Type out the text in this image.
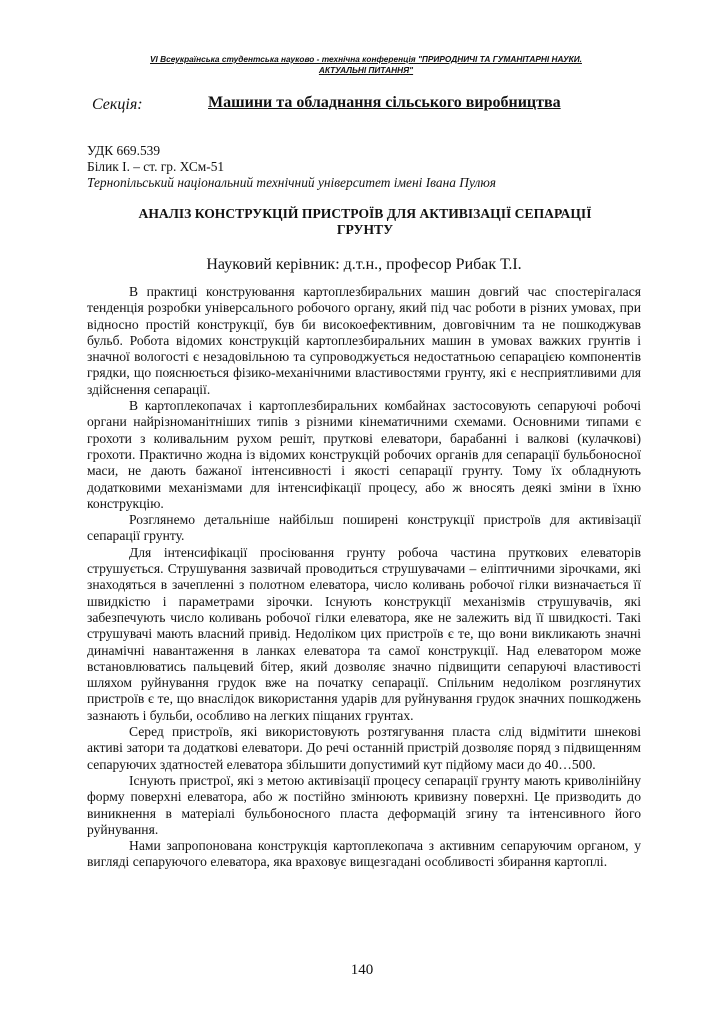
VI Всеукраїнська студентська науково - технічна конференція "ПРИРОДНИЧІ ТА ГУМАНІТАРНІ НАУКИ.
АКТУАЛЬНІ ПИТАННЯ"
Секція:	Машини та обладнання сільського виробництва
УДК 669.539
Білик І. – ст. гр. ХСм-51
Тернопільський національний технічний університет імені Івана Пулюя
АНАЛІЗ КОНСТРУКЦІЙ ПРИСТРОЇВ ДЛЯ АКТИВІЗАЦІЇ СЕПАРАЦІЇ
ГРУНТУ
Науковий керівник: д.т.н., професор Рибак Т.І.

В практиці конструювання картоплезбиральних машин довгий час спостерігалася тенденція розробки універсального робочого органу, який під час роботи в різних умовах, при відносно простій конструкції, був би високоефективним, довговічним та не пошкоджував бульб. Робота відомих конструкцій картоплезбиральних машин в умовах важких грунтів і значної вологості є незадовільною та супроводжується недостатньою сепарацією компонентів грядки, що пояснюється фізико-механічними властивостями грунту, які є несприятливими для здійснення сепарації.

В картоплекопачах і картоплезбиральних комбайнах застосовують сепаруючі робочі органи найрізноманітніших типів з різними кінематичними схемами. Основними типами є грохоти з коливальним рухом решіт, пруткові елеватори, барабанні і валкові (кулачкові) грохоти. Практично жодна із відомих конструкцій робочих органів для сепарації бульбоносної маси, не дають бажаної інтенсивності і якості сепарації грунту. Тому їх обладнують додатковими механізмами для інтенсифікації процесу, або ж вносять деякі зміни в їхню конструкцію.

Розглянемо детальніше найбільш поширені конструкції пристроїв для активізації сепарації грунту.

Для інтенсифікації просіювання грунту робоча частина пруткових елеваторів струшується. Струшування зазвичай проводиться струшувачами – еліптичними зірочками, які знаходяться в зачепленні з полотном елеватора, число коливань робочої гілки визначається її швидкістю і параметрами зірочки. Існують конструкції механізмів струшувачів, які забезпечують число коливань робочої гілки елеватора, яке не залежить від її швидкості. Такі струшувачі мають власний привід. Недоліком цих пристроїв є те, що вони викликають значні динамічні навантаження в ланках елеватора та самої конструкції. Над елеватором може встановлюватись пальцевий бітер, який дозволяє значно підвищити сепаруючі властивості шляхом руйнування грудок вже на початку сепарації. Спільним недоліком розглянутих пристроїв є те, що внаслідок використання ударів для руйнування грудок значних пошкоджень зазнають і бульби, особливо на легких піщаних грунтах.

Серед пристроїв, які використовують розтягування пласта слід відмітити шнекові активі затори та додаткові елеватори. До речі останній пристрій дозволяє поряд з підвищенням сепаруючих здатностей елеватора збільшити допустимий кут підйому маси до 40…500.

Існують пристрої, які з метою активізації процесу сепарації грунту мають криволінійну форму поверхні елеватора, або ж постійно змінюють кривизну поверхні. Це призводить до виникнення в матеріалі бульбоносного пласта деформацій згину та інтенсивного його руйнування.

Нами запропонована конструкція картоплекопача з активним сепаруючим органом, у вигляді сепаруючого елеватора, яка враховує вищезгадані особливості збирання картоплі.

140
